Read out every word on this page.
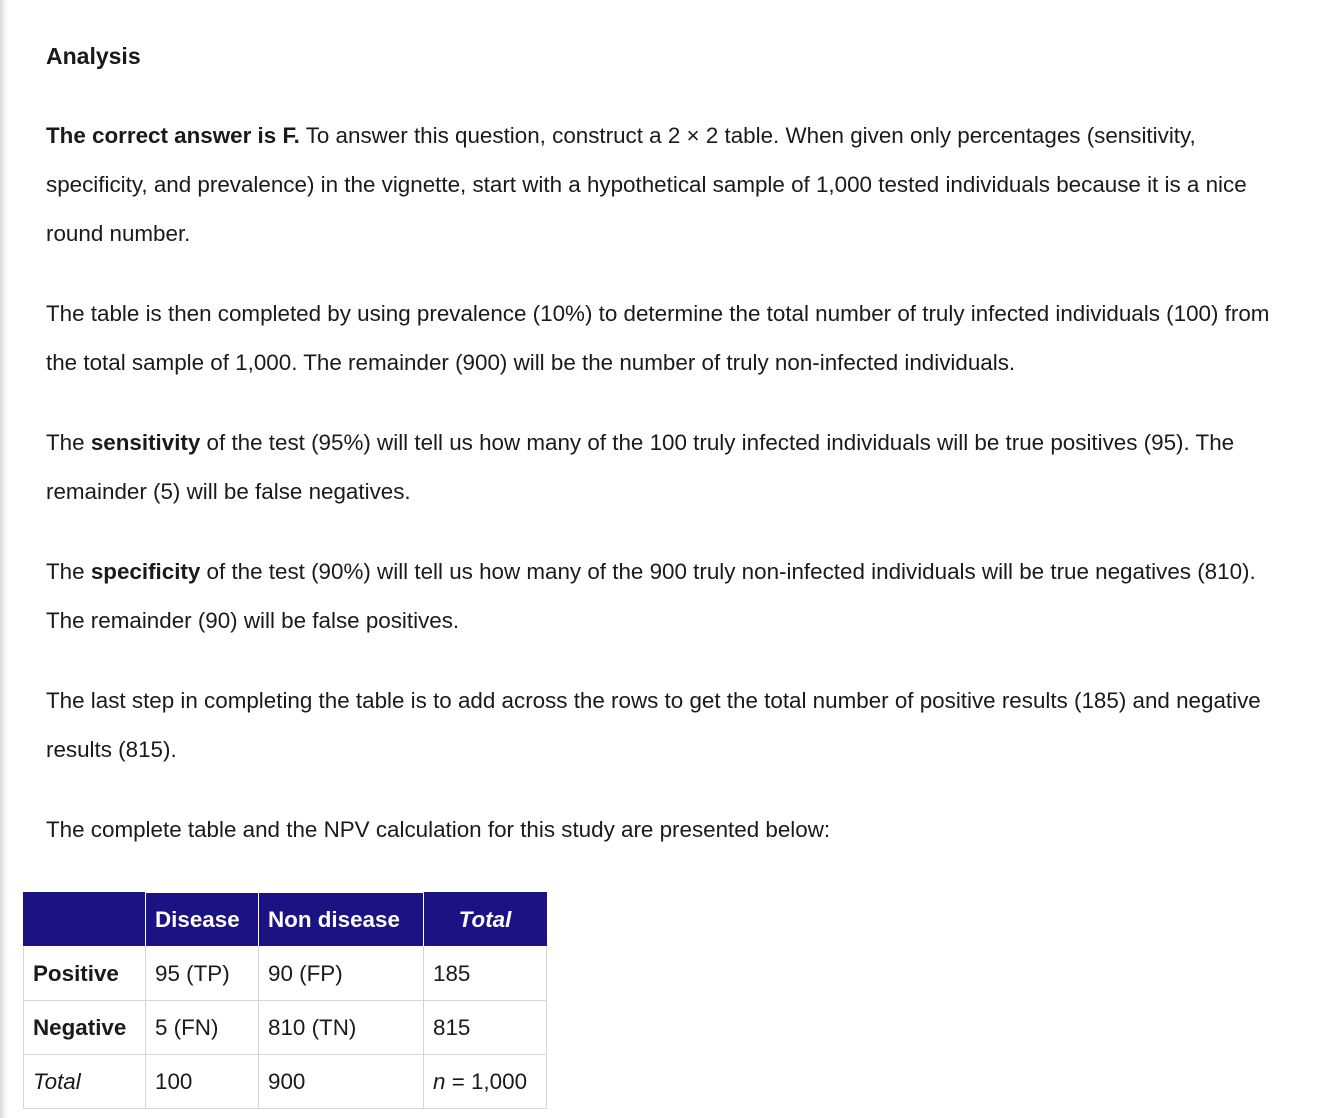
Analysis

The correct answer is F. To answer this question, construct a 2 × 2 table. When given only percentages (sensitivity, specificity, and prevalence) in the vignette, start with a hypothetical sample of 1,000 tested individuals because it is a nice round number.

The table is then completed by using prevalence (10%) to determine the total number of truly infected individuals (100) from the total sample of 1,000. The remainder (900) will be the number of truly non-infected individuals.

The sensitivity of the test (95%) will tell us how many of the 100 truly infected individuals will be true positives (95). The remainder (5) will be false negatives.

The specificity of the test (90%) will tell us how many of the 900 truly non-infected individuals will be true negatives (810). The remainder (90) will be false positives.

The last step in completing the table is to add across the rows to get the total number of positive results (185) and negative results (815).

The complete table and the NPV calculation for this study are presented below:

	Disease	Non disease	Total
Positive	95 (TP)	90 (FP)	185
Negative	5 (FN)	810 (TN)	815
Total	100	900	n = 1,000
